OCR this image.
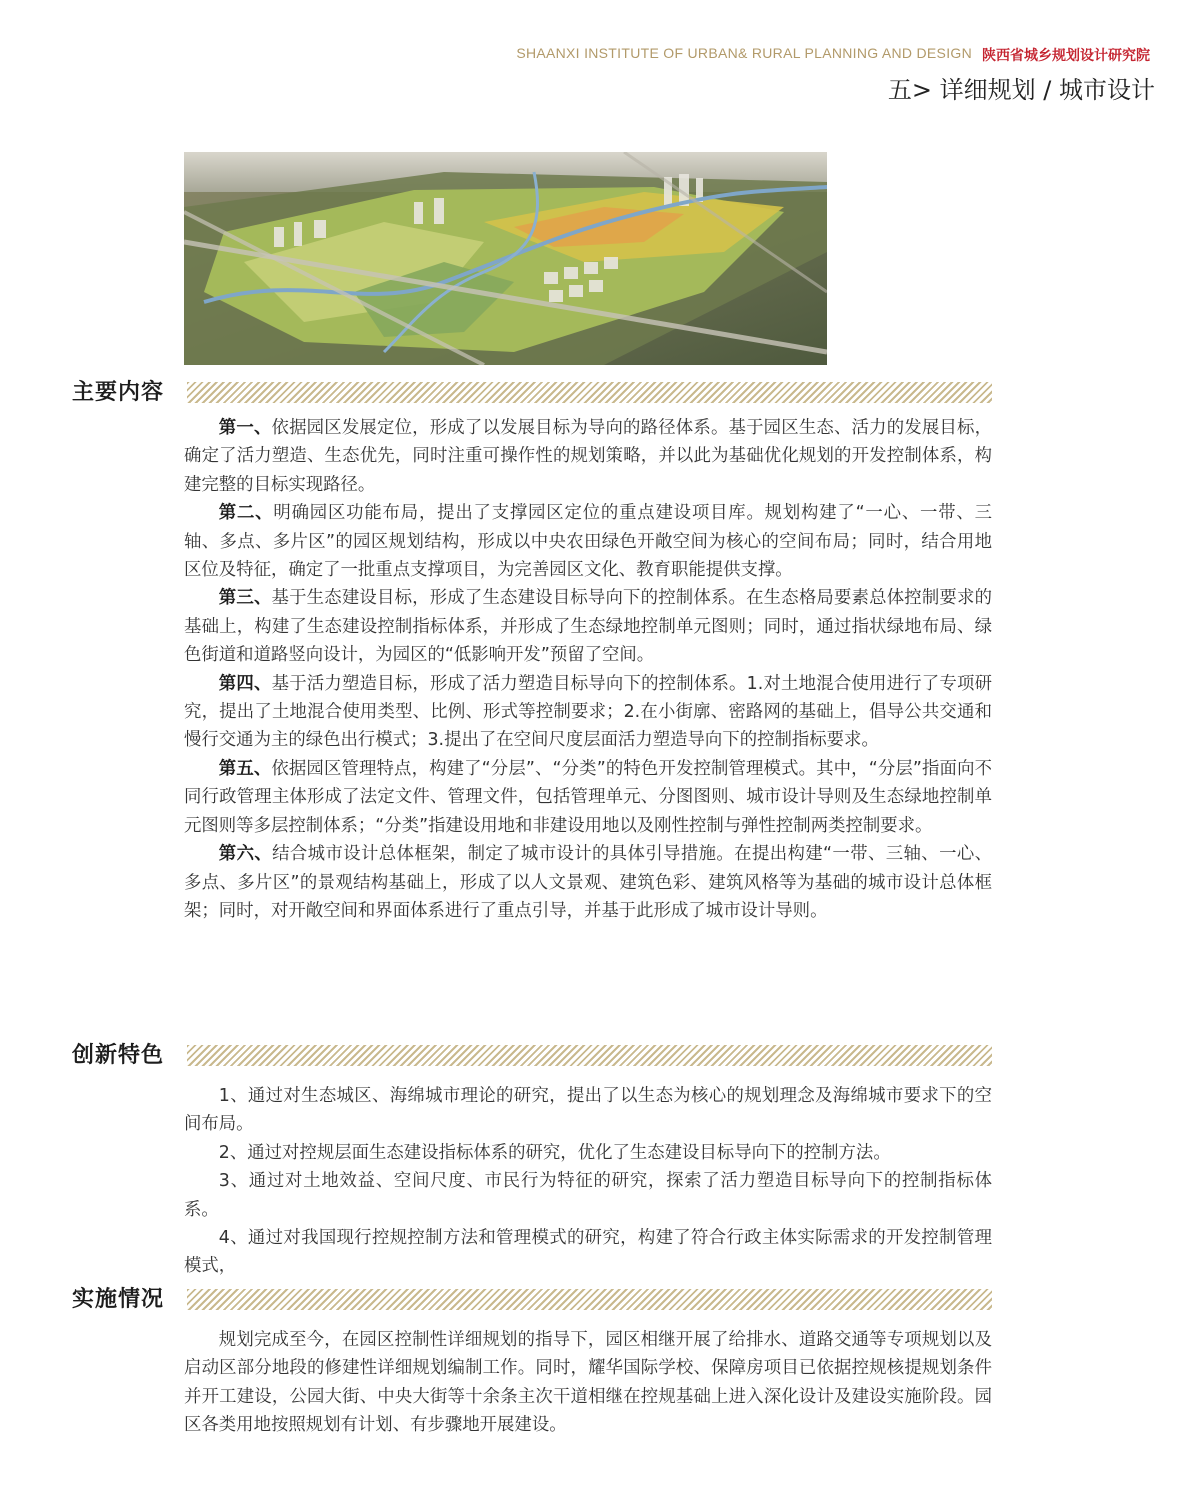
SHAANXI INSTITUTE OF URBAN& RURAL PLANNING AND DESIGN 陕西省城乡规划设计研究院
五> 详细规划 / 城市设计
主要内容

第一、依据园区发展定位，形成了以发展目标为导向的路径体系。基于园区生态、活力的发展目标，确定了活力塑造、生态优先，同时注重可操作性的规划策略，并以此为基础优化规划的开发控制体系，构建完整的目标实现路径。

第二、明确园区功能布局，提出了支撑园区定位的重点建设项目库。规划构建了“一心、一带、三轴、多点、多片区”的园区规划结构，形成以中央农田绿色开敞空间为核心的空间布局；同时，结合用地区位及特征，确定了一批重点支撑项目，为完善园区文化、教育职能提供支撑。

第三、基于生态建设目标，形成了生态建设目标导向下的控制体系。在生态格局要素总体控制要求的基础上，构建了生态建设控制指标体系，并形成了生态绿地控制单元图则；同时，通过指状绿地布局、绿色街道和道路竖向设计，为园区的“低影响开发”预留了空间。

第四、基于活力塑造目标，形成了活力塑造目标导向下的控制体系。1.对土地混合使用进行了专项研究，提出了土地混合使用类型、比例、形式等控制要求；2.在小街廓、密路网的基础上，倡导公共交通和慢行交通为主的绿色出行模式；3.提出了在空间尺度层面活力塑造导向下的控制指标要求。

第五、依据园区管理特点，构建了“分层”、“分类”的特色开发控制管理模式。其中，“分层”指面向不同行政管理主体形成了法定文件、管理文件，包括管理单元、分图图则、城市设计导则及生态绿地控制单元图则等多层控制体系；“分类”指建设用地和非建设用地以及刚性控制与弹性控制两类控制要求。

第六、结合城市设计总体框架，制定了城市设计的具体引导措施。在提出构建“一带、三轴、一心、多点、多片区”的景观结构基础上，形成了以人文景观、建筑色彩、建筑风格等为基础的城市设计总体框架；同时，对开敞空间和界面体系进行了重点引导，并基于此形成了城市设计导则。

创新特色

1、通过对生态城区、海绵城市理论的研究，提出了以生态为核心的规划理念及海绵城市要求下的空间布局。

2、通过对控规层面生态建设指标体系的研究，优化了生态建设目标导向下的控制方法。

3、通过对土地效益、空间尺度、市民行为特征的研究，探索了活力塑造目标导向下的控制指标体系。

4、通过对我国现行控规控制方法和管理模式的研究，构建了符合行政主体实际需求的开发控制管理模式，

实施情况

规划完成至今，在园区控制性详细规划的指导下，园区相继开展了给排水、道路交通等专项规划以及启动区部分地段的修建性详细规划编制工作。同时，耀华国际学校、保障房项目已依据控规核提规划条件并开工建设，公园大街、中央大街等十余条主次干道相继在控规基础上进入深化设计及建设实施阶段。园区各类用地按照规划有计划、有步骤地开展建设。
